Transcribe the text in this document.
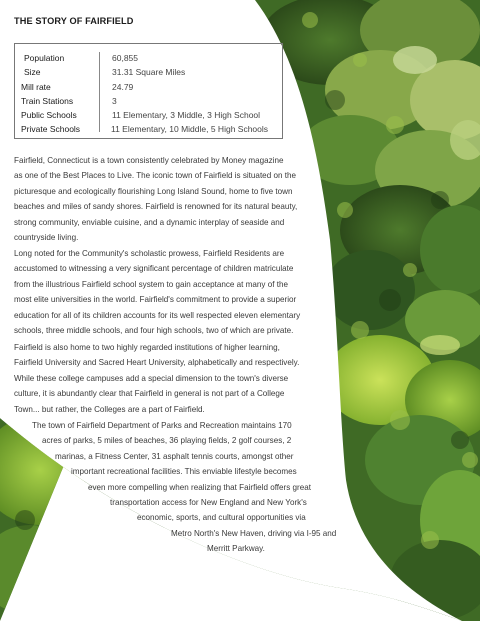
THE STORY OF FAIRFIELD
Population	60,855
Size	31.31 Square Miles
Mill rate	24.79
Train Stations	3
Public Schools	11 Elementary, 3 Middle, 3 High School
Private Schools	11 Elementary, 10 Middle, 5 High Schools
Fairfield, Connecticut is a town consistently celebrated by Money magazine
as one of the Best Places to Live. The iconic town of Fairfield is situated on the
picturesque and ecologically flourishing Long Island Sound, home to five town
beaches and miles of sandy shores. Fairfield is renowned for its natural beauty,
strong community, enviable cuisine, and a dynamic interplay of seaside and
countryside living.
Long noted for the Community's scholastic prowess, Fairfield Residents are
accustomed to witnessing a very significant percentage of children matriculate
from the illustrious Fairfield school system to gain acceptance at many of the
most elite universities in the world. Fairfield's commitment to provide a superior
education for all of its children accounts for its well respected eleven elementary
schools, three middle schools, and four high schools, two of which are private.
Fairfield is also home to two highly regarded institutions of higher learning,
Fairfield University and Sacred Heart University, alphabetically and respectively.
While these college campuses add a special dimension to the town's diverse
culture, it is abundantly clear that Fairfield in general is not part of a College
Town... but rather, the Colleges are a part of Fairfield.
The town of Fairfield Department of Parks and Recreation maintains 170
acres of parks, 5 miles of beaches, 36 playing fields, 2 golf courses, 2
marinas, a Fitness Center, 31 asphalt tennis courts, amongst other
important recreational facilities. This enviable lifestyle becomes
even more compelling when realizing that Fairfield offers great
transportation access for New England and New York's
economic, sports, and cultural opportunities via
Metro North's New Haven, driving via I-95 and
Merritt Parkway.
